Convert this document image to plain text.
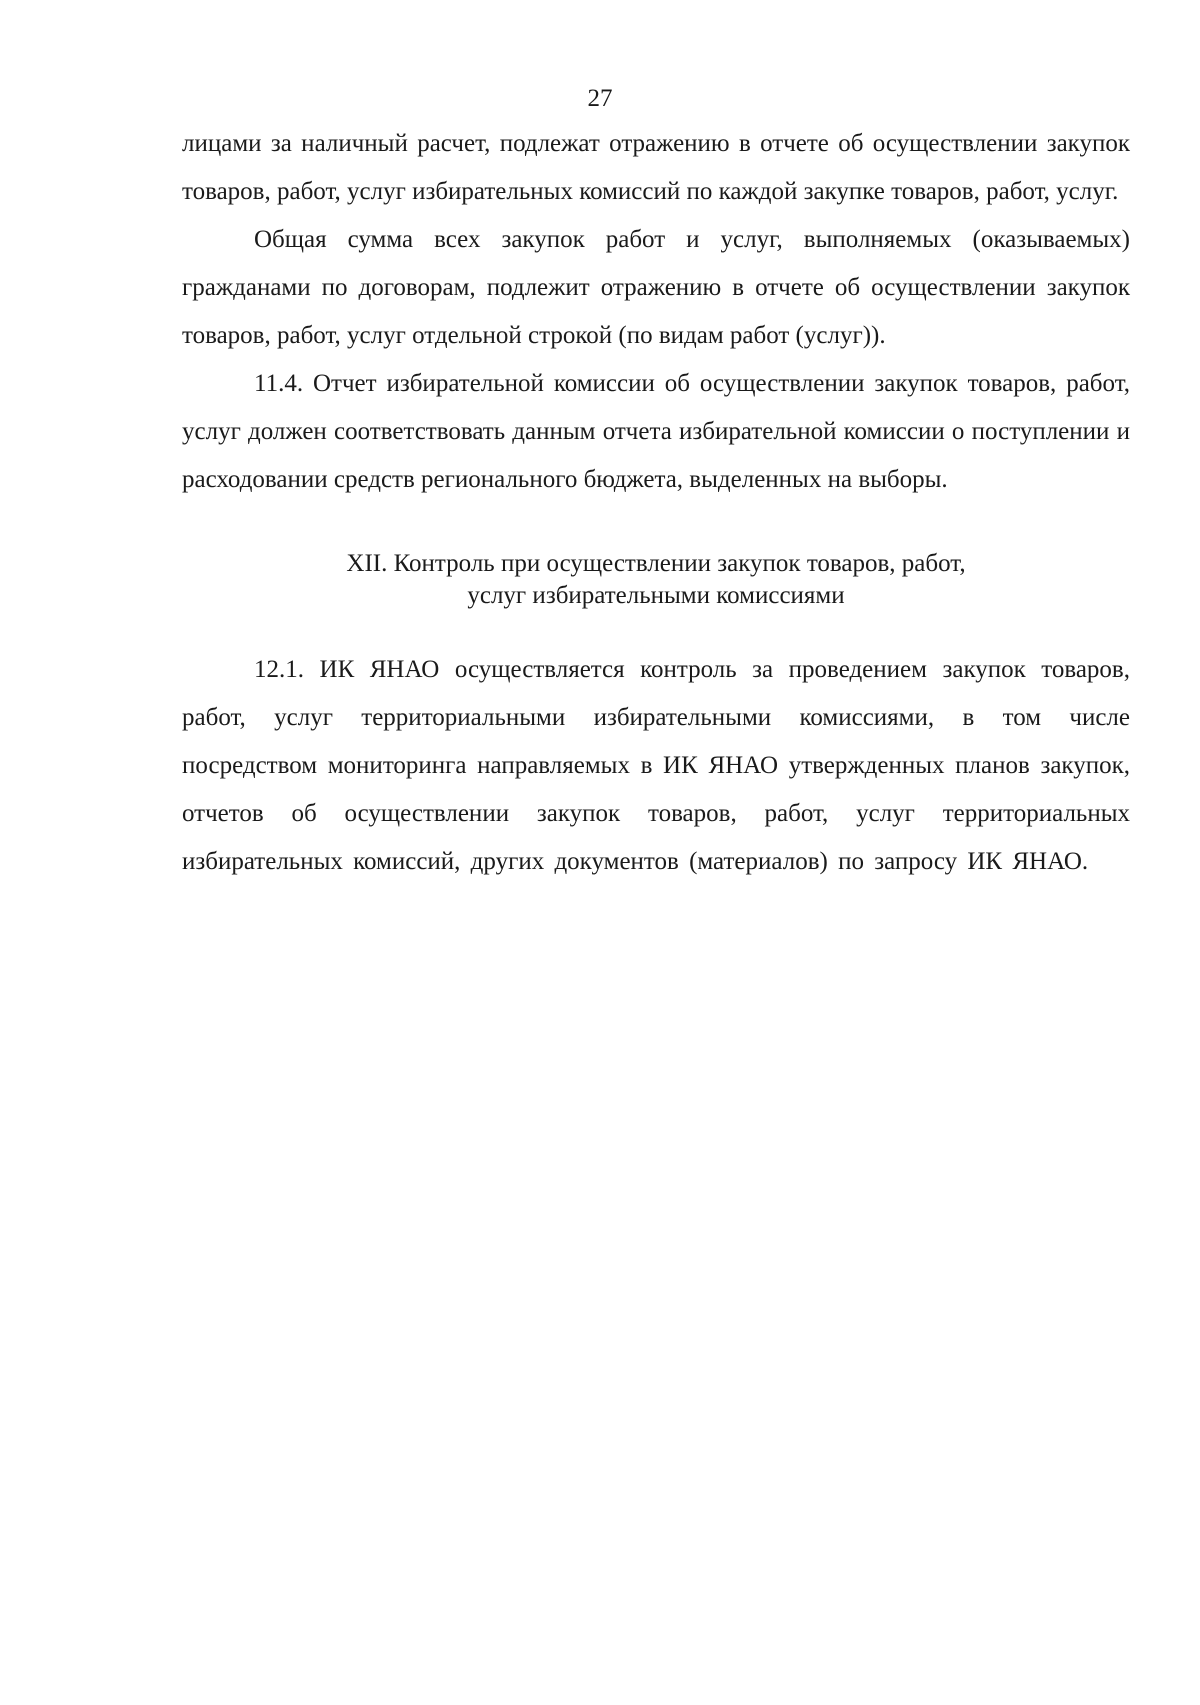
27

лицами за наличный расчет, подлежат отражению в отчете об осуществлении закупок товаров, работ, услуг избирательных комиссий по каждой закупке товаров, работ, услуг.

Общая сумма всех закупок работ и услуг, выполняемых (оказываемых) гражданами по договорам, подлежит отражению в отчете об осуществлении закупок товаров, работ, услуг отдельной строкой (по видам работ (услуг)).

11.4. Отчет избирательной комиссии об осуществлении закупок товаров, работ, услуг должен соответствовать данным отчета избирательной комиссии о поступлении и расходовании средств регионального бюджета, выделенных на выборы.

XII. Контроль при осуществлении закупок товаров, работ,
услуг избирательными комиссиями

12.1. ИК ЯНАО осуществляется контроль за проведением закупок товаров, работ, услуг территориальными избирательными комиссиями, в том числе посредством мониторинга направляемых в ИК ЯНАО утвержденных планов закупок, отчетов об осуществлении закупок товаров, работ, услуг территориальных избирательных комиссий, других документов (материалов) по запросу ИК ЯНАО.
